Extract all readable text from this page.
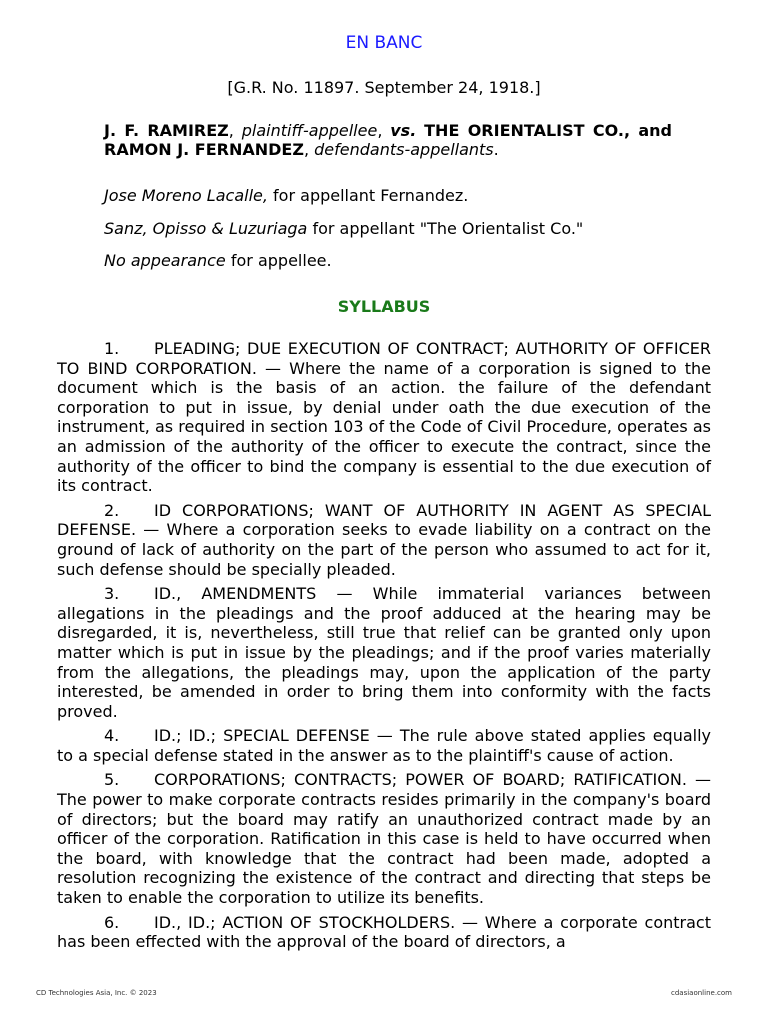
EN BANC
[G.R. No. 11897. September 24, 1918.]
J. F. RAMIREZ, plaintiff-appellee, vs. THE ORIENTALIST CO., and RAMON J. FERNANDEZ, defendants-appellants.
Jose Moreno Lacalle, for appellant Fernandez.
Sanz, Opisso & Luzuriaga for appellant "The Orientalist Co."
No appearance for appellee.
SYLLABUS

1. PLEADING; DUE EXECUTION OF CONTRACT; AUTHORITY OF OFFICER TO BIND CORPORATION. — Where the name of a corporation is signed to the document which is the basis of an action. the failure of the defendant corporation to put in issue, by denial under oath the due execution of the instrument, as required in section 103 of the Code of Civil Procedure, operates as an admission of the authority of the officer to execute the contract, since the authority of the officer to bind the company is essential to the due execution of its contract.

2. ID CORPORATIONS; WANT OF AUTHORITY IN AGENT AS SPECIAL DEFENSE. — Where a corporation seeks to evade liability on a contract on the ground of lack of authority on the part of the person who assumed to act for it, such defense should be specially pleaded.

3. ID., AMENDMENTS — While immaterial variances between allegations in the pleadings and the proof adduced at the hearing may be disregarded, it is, nevertheless, still true that relief can be granted only upon matter which is put in issue by the pleadings; and if the proof varies materially from the allegations, the pleadings may, upon the application of the party interested, be amended in order to bring them into conformity with the facts proved.

4. ID.; ID.; SPECIAL DEFENSE — The rule above stated applies equally to a special defense stated in the answer as to the plaintiff's cause of action.

5. CORPORATIONS; CONTRACTS; POWER OF BOARD; RATIFICATION. — The power to make corporate contracts resides primarily in the company's board of directors; but the board may ratify an unauthorized contract made by an officer of the corporation. Ratification in this case is held to have occurred when the board, with knowledge that the contract had been made, adopted a resolution recognizing the existence of the contract and directing that steps be taken to enable the corporation to utilize its benefits.

6. ID., ID.; ACTION OF STOCKHOLDERS. — Where a corporate contract has been effected with the approval of the board of directors, a

CD Technologies Asia, Inc. © 2023	cdasiaonline.com
